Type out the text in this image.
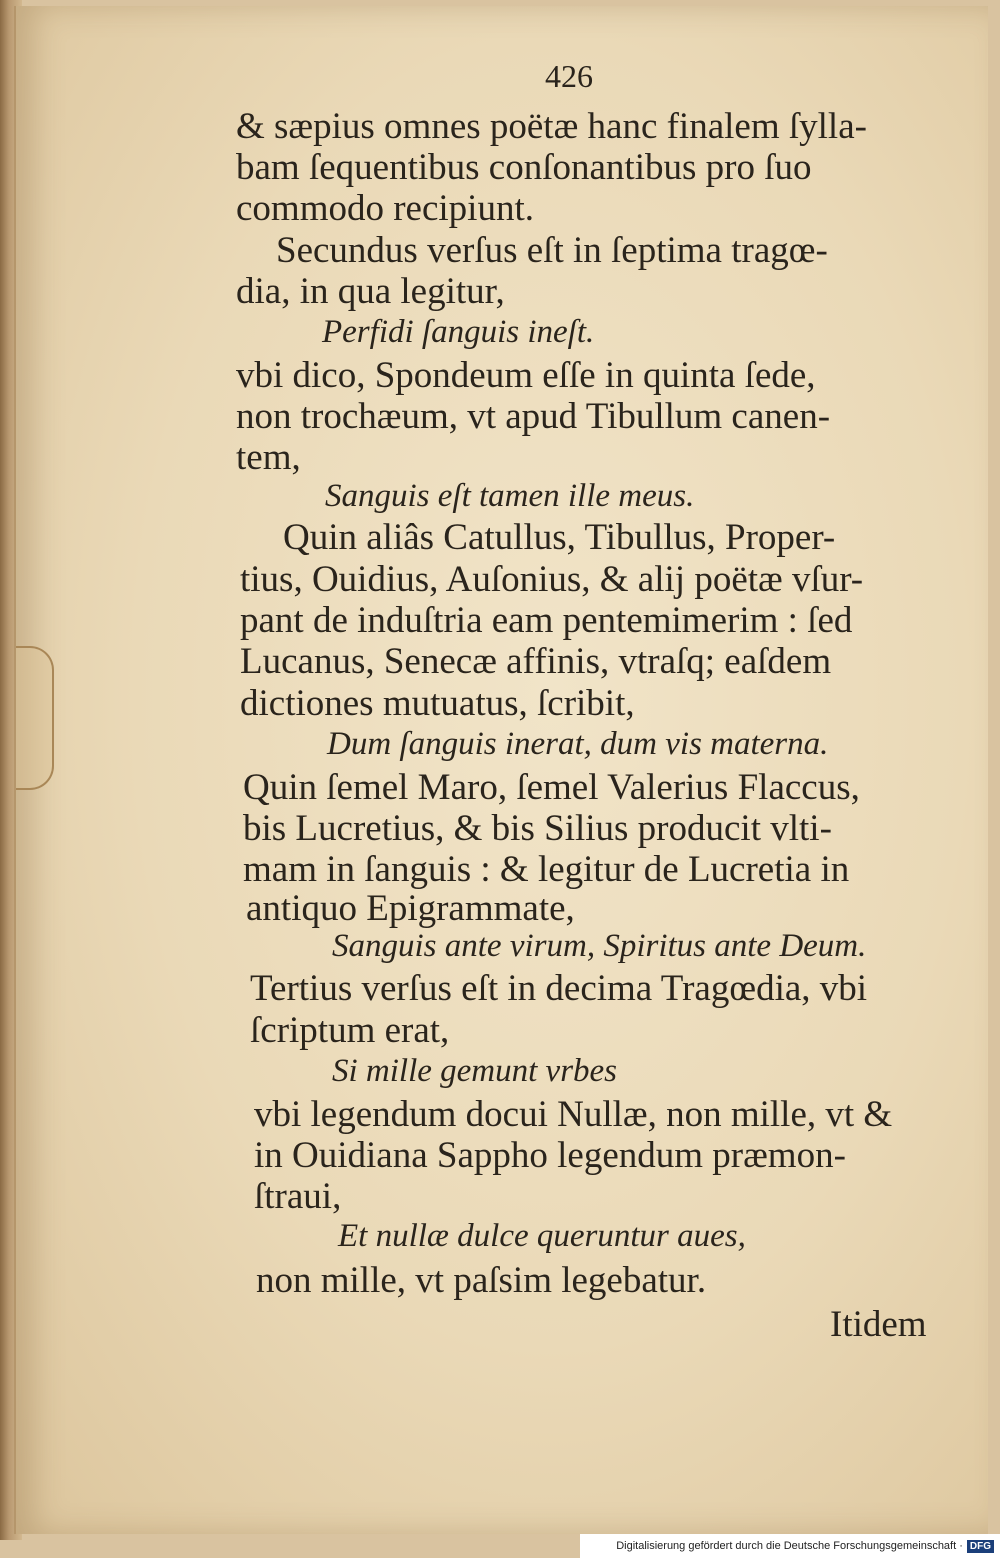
426
& sæpius omnes poëtæ hanc finalem ſylla-
bam ſequentibus conſonantibus pro ſuo
commodo recipiunt.
Secundus verſus eſt in ſeptima tragœ-
dia, in qua legitur,
Perfidi ſanguis ineſt.
vbi dico, Spondeum eſſe in quinta ſede,
non trochæum, vt apud Tibullum canen-
tem,
Sanguis eſt tamen ille meus.
Quin aliâs Catullus, Tibullus, Proper-
tius, Ouidius, Auſonius, & alij poëtæ vſur-
pant de induſtria eam pentemimerim : ſed
Lucanus, Senecæ affinis, vtraſq; eaſdem
dictiones mutuatus, ſcribit,
Dum ſanguis inerat, dum vis materna.
Quin ſemel Maro, ſemel Valerius Flaccus,
bis Lucretius, & bis Silius producit vlti-
mam in ſanguis : & legitur de Lucretia in
antiquo Epigrammate,
Sanguis ante virum, Spiritus ante Deum.
Tertius verſus eſt in decima Tragœdia, vbi
ſcriptum erat,
Si mille gemunt vrbes
vbi legendum docui Nullæ, non mille, vt &
in Ouidiana Sappho legendum præmon-
ſtraui,
Et nullæ dulce queruntur aues,
non mille, vt paſsim legebatur.
Itidem
Digitalisierung gefördert durch die Deutsche Forschungsgemeinschaft · DFG
